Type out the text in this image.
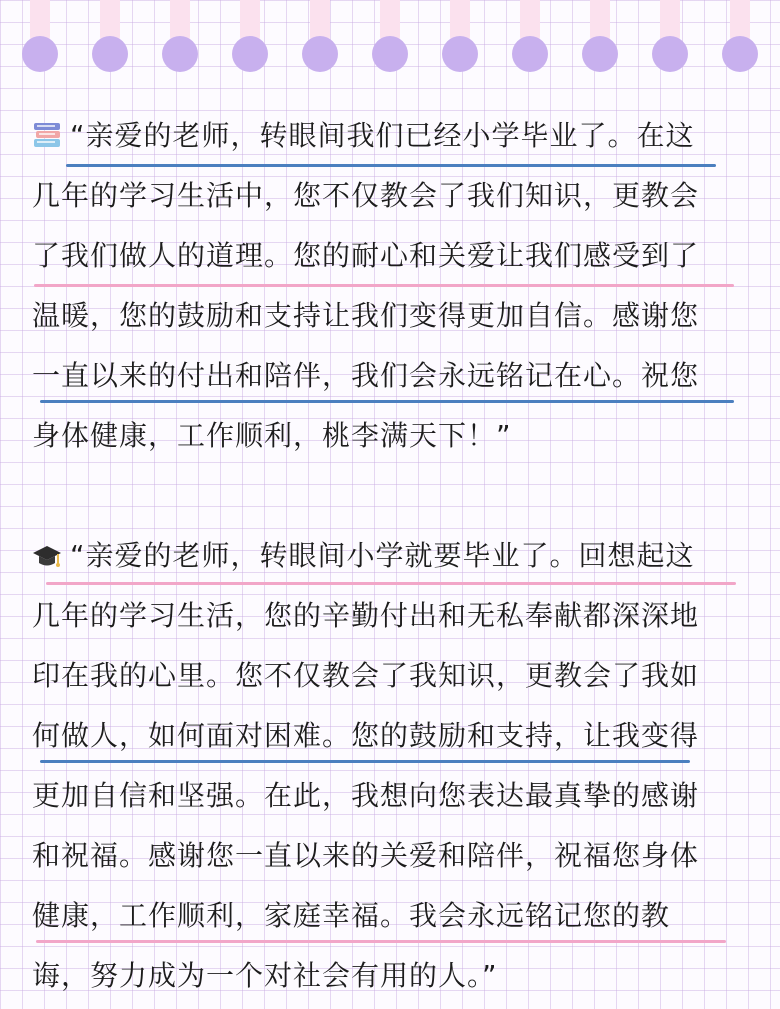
“亲爱的老师，转眼间我们已经小学毕业了。在这
几年的学习生活中，您不仅教会了我们知识，更教会
了我们做人的道理。您的耐心和关爱让我们感受到了
温暖，您的鼓励和支持让我们变得更加自信。感谢您
一直以来的付出和陪伴，我们会永远铭记在心。祝您
身体健康，工作顺利，桃李满天下！”
“亲爱的老师，转眼间小学就要毕业了。回想起这
几年的学习生活，您的辛勤付出和无私奉献都深深地
印在我的心里。您不仅教会了我知识，更教会了我如
何做人，如何面对困难。您的鼓励和支持，让我变得
更加自信和坚强。在此，我想向您表达最真挚的感谢
和祝福。感谢您一直以来的关爱和陪伴，祝福您身体
健康，工作顺利，家庭幸福。我会永远铭记您的教
诲，努力成为一个对社会有用的人。”
